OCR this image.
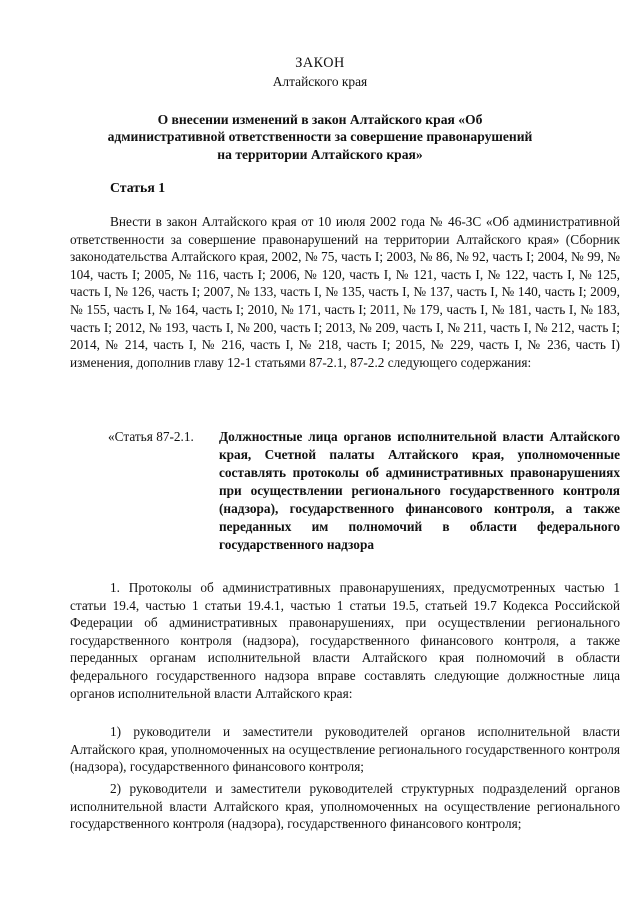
ЗАКОН
Алтайского края
О внесении изменений в закон Алтайского края «Об административной ответственности за совершение правонарушений на территории Алтайского края»
Статья 1
Внести в закон Алтайского края от 10 июля 2002 года № 46-ЗС «Об административной ответственности за совершение правонарушений на территории Алтайского края» (Сборник законодательства Алтайского края, 2002, № 75, часть I; 2003, № 86, № 92, часть I; 2004, № 99, № 104, часть I; 2005, № 116, часть I; 2006, № 120, часть I, № 121, часть I, № 122, часть I, № 125, часть I, № 126, часть I; 2007, № 133, часть I, № 135, часть I, № 137, часть I, № 140, часть I; 2009, № 155, часть I, № 164, часть I; 2010, № 171, часть I; 2011, № 179, часть I, № 181, часть I, № 183, часть I; 2012, № 193, часть I, № 200, часть I; 2013, № 209, часть I, № 211, часть I, № 212, часть I; 2014, № 214, часть I, № 216, часть I, № 218, часть I; 2015, № 229, часть I, № 236, часть I) изменения, дополнив главу 12-1 статьями 87-2.1, 87-2.2 следующего содержания:
«Статья 87-2.1.	Должностные лица органов исполнительной власти Алтайского края, Счетной палаты Алтайского края, уполномоченные составлять протоколы об административных правонарушениях при осуществлении регионального государственного контроля (надзора), государственного финансового контроля, а также переданных им полномочий в области федерального государственного надзора
1. Протоколы об административных правонарушениях, предусмотренных частью 1 статьи 19.4, частью 1 статьи 19.4.1, частью 1 статьи 19.5, статьей 19.7 Кодекса Российской Федерации об административных правонарушениях, при осуществлении регионального государственного контроля (надзора), государственного финансового контроля, а также переданных органам исполнительной власти Алтайского края полномочий в области федерального государственного надзора вправе составлять следующие должностные лица органов исполнительной власти Алтайского края:
1) руководители и заместители руководителей органов исполнительной власти Алтайского края, уполномоченных на осуществление регионального государственного контроля (надзора), государственного финансового контроля;
2) руководители и заместители руководителей структурных подразделений органов исполнительной власти Алтайского края, уполномоченных на осуществление регионального государственного контроля (надзора), государственного финансового контроля;
